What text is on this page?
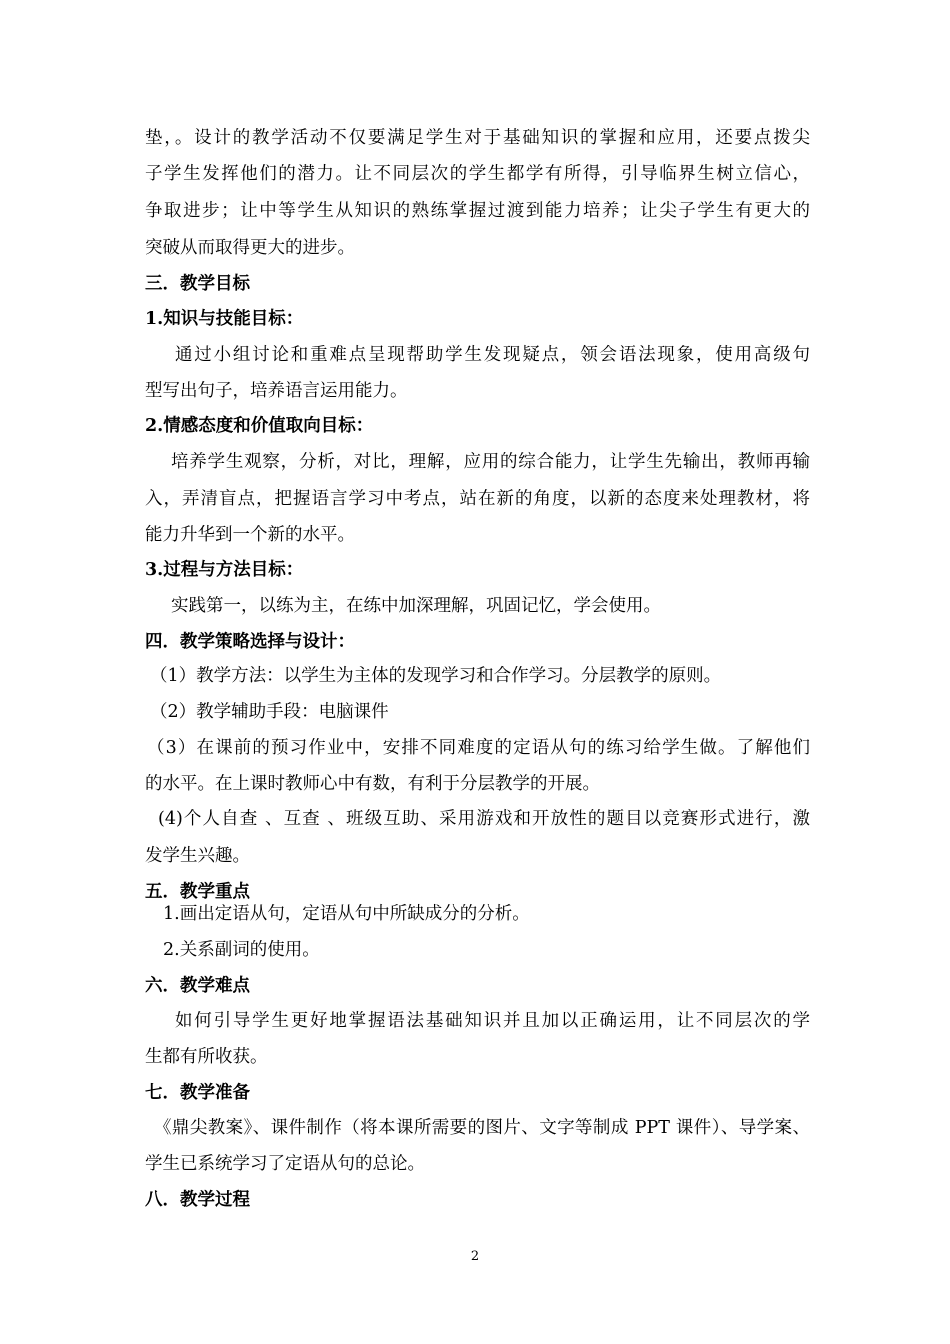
垫，。设计的教学活动不仅要满足学生对于基础知识的掌握和应用，还要点拨尖
子学生发挥他们的潜力。让不同层次的学生都学有所得，引导临界生树立信心，
争取进步；让中等学生从知识的熟练掌握过渡到能力培养；让尖子学生有更大的
突破从而取得更大的进步。
三．教学目标
1.知识与技能目标：
通过小组讨论和重难点呈现帮助学生发现疑点，领会语法现象，使用高级句
型写出句子，培养语言运用能力。
2.情感态度和价值取向目标：
培养学生观察，分析，对比，理解，应用的综合能力，让学生先输出，教师再输
入，弄清盲点，把握语言学习中考点，站在新的角度，以新的态度来处理教材，将
能力升华到一个新的水平。
3.过程与方法目标：
实践第一，以练为主，在练中加深理解，巩固记忆，学会使用。
四．教学策略选择与设计：
（1）教学方法：以学生为主体的发现学习和合作学习。分层教学的原则。
（2）教学辅助手段：电脑课件
（3）在课前的预习作业中，安排不同难度的定语从句的练习给学生做。了解他们
的水平。在上课时教师心中有数，有利于分层教学的开展。
(4)个人自查 、互查 、班级互助、采用游戏和开放性的题目以竞赛形式进行，激
发学生兴趣。
五．教学重点
1.画出定语从句，定语从句中所缺成分的分析。
2.关系副词的使用。
六．教学难点
如何引导学生更好地掌握语法基础知识并且加以正确运用，让不同层次的学
生都有所收获。
七．教学准备
《鼎尖教案》、课件制作（将本课所需要的图片、文字等制成 PPT 课件）、导学案、
学生已系统学习了定语从句的总论。
八．教学过程
2
